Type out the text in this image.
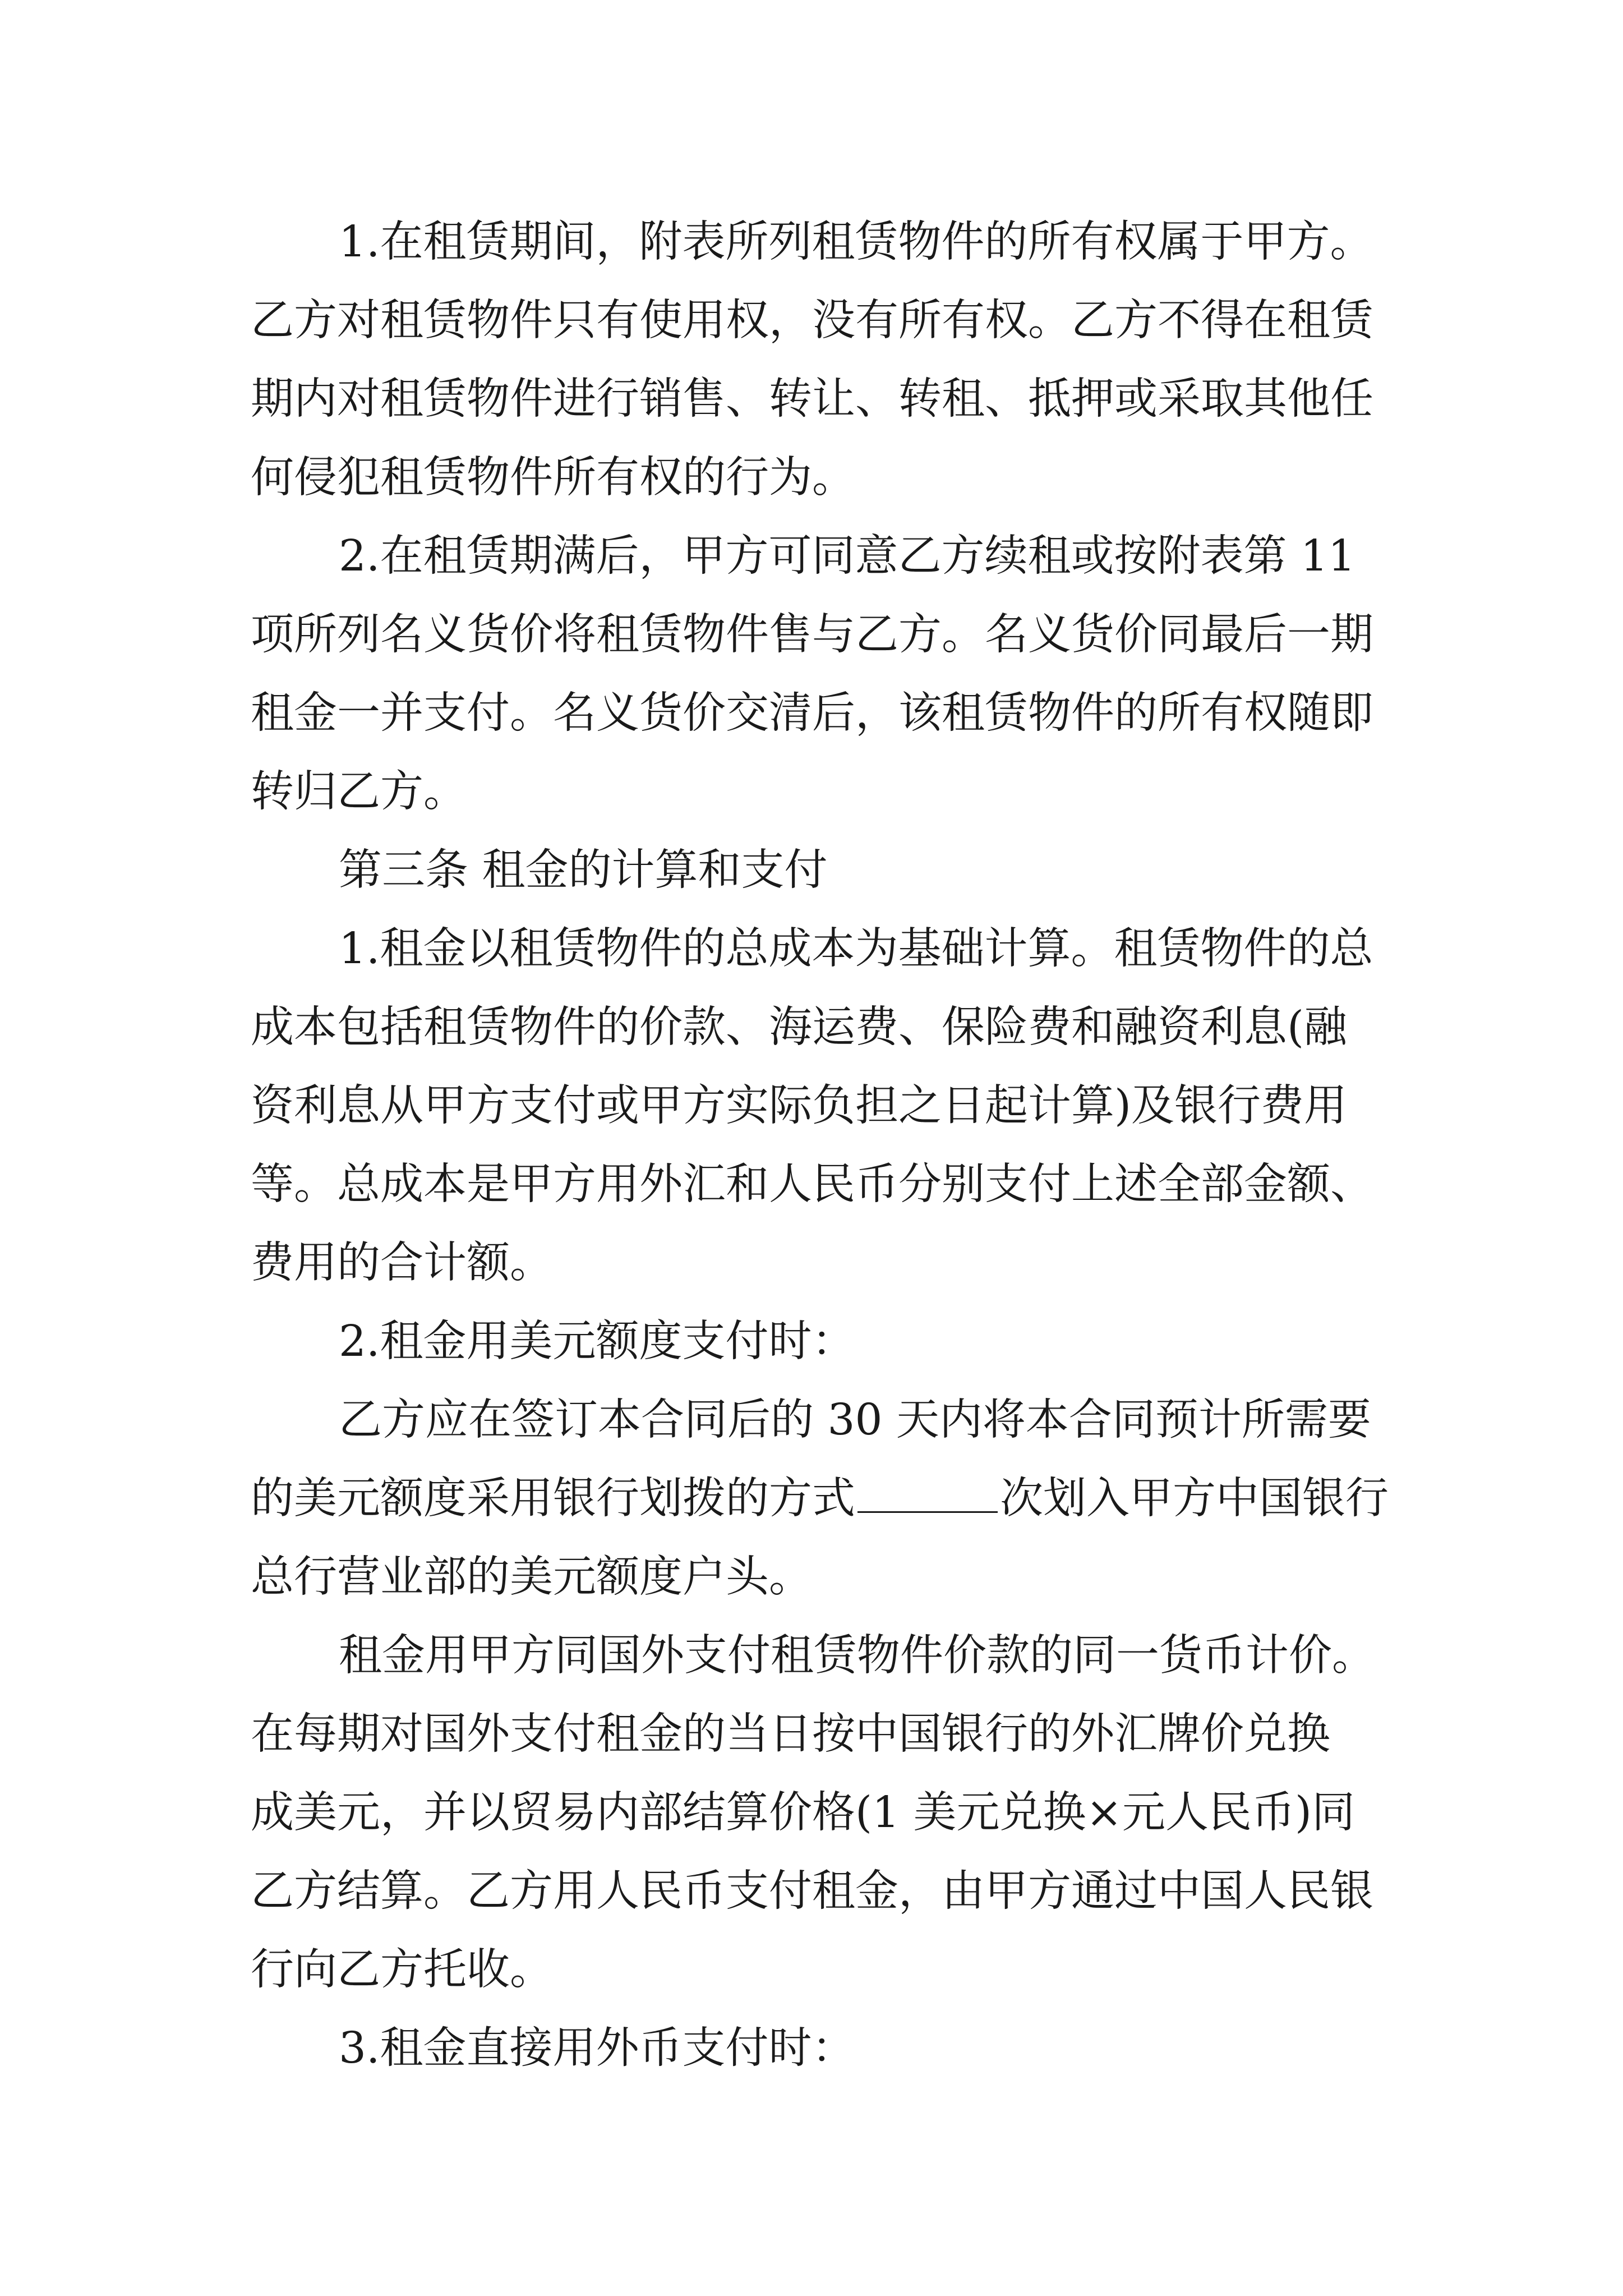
1.在租赁期间，附表所列租赁物件的所有权属于甲方。
乙方对租赁物件只有使用权，没有所有权。乙方不得在租赁
期内对租赁物件进行销售、转让、转租、抵押或采取其他任
何侵犯租赁物件所有权的行为。
2.在租赁期满后，甲方可同意乙方续租或按附表第 11
项所列名义货价将租赁物件售与乙方。名义货价同最后一期
租金一并支付。名义货价交清后，该租赁物件的所有权随即
转归乙方。
第三条 租金的计算和支付
1.租金以租赁物件的总成本为基础计算。租赁物件的总
成本包括租赁物件的价款、海运费、保险费和融资利息(融
资利息从甲方支付或甲方实际负担之日起计算)及银行费用
等。总成本是甲方用外汇和人民币分别支付上述全部金额、
费用的合计额。
2.租金用美元额度支付时：
乙方应在签订本合同后的 30 天内将本合同预计所需要
的美元额度采用银行划拨的方式	次划入甲方中国银行
总行营业部的美元额度户头。
租金用甲方同国外支付租赁物件价款的同一货币计价。
在每期对国外支付租金的当日按中国银行的外汇牌价兑换
成美元，并以贸易内部结算价格(1 美元兑换×元人民币)同
乙方结算。乙方用人民币支付租金，由甲方通过中国人民银
行向乙方托收。
3.租金直接用外币支付时：
